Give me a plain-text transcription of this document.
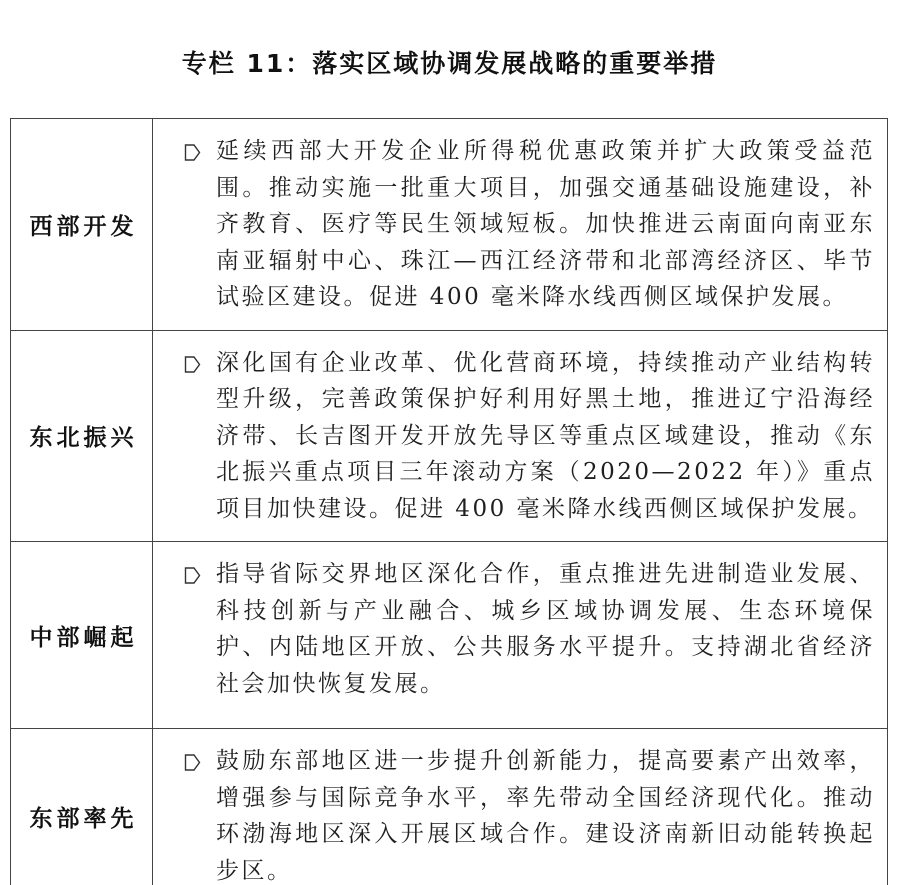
专栏 11：落实区域协调发展战略的重要举措
西部开发

延续西部大开发企业所得税优惠政策并扩大政策受益范围。推动实施一批重大项目，加强交通基础设施建设，补齐教育、医疗等民生领域短板。加快推进云南面向南亚东南亚辐射中心、珠江—西江经济带和北部湾经济区、毕节试验区建设。促进 400 毫米降水线西侧区域保护发展。

东北振兴

深化国有企业改革、优化营商环境，持续推动产业结构转型升级，完善政策保护好利用好黑土地，推进辽宁沿海经济带、长吉图开发开放先导区等重点区域建设，推动《东北振兴重点项目三年滚动方案（2020—2022 年）》重点项目加快建设。促进 400 毫米降水线西侧区域保护发展。

中部崛起

指导省际交界地区深化合作，重点推进先进制造业发展、科技创新与产业融合、城乡区域协调发展、生态环境保护、内陆地区开放、公共服务水平提升。支持湖北省经济社会加快恢复发展。

东部率先

鼓励东部地区进一步提升创新能力，提高要素产出效率，增强参与国际竞争水平，率先带动全国经济现代化。推动环渤海地区深入开展区域合作。建设济南新旧动能转换起步区。
